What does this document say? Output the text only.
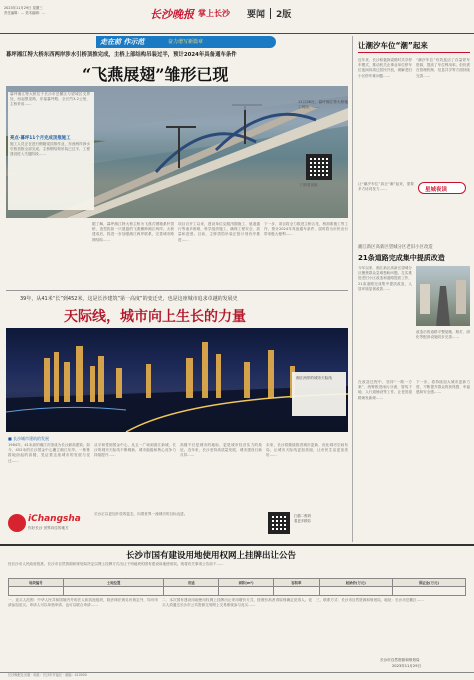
2023年11月29日 星期三
责任编辑：... 美术编辑：...	长沙晚报 掌上长沙 要闻 2版
走在前 作示范	奋力谱写新篇章
暮坪湘江特大桥东西两岸涉水引桥顶推完成，主桥上部结构吊装过半，预计2024年具备通车条件
“飞燕展翅”雏形已现
暮坪湘江特大桥位于长沙市岳麓区与望城区交界处，西起银星路，东接暮坪路，全长约3.2公里，主桥采用……
亮点·暮坪11个月完成顶推施工
施工人员正在进行钢箱梁顶推作业，东西两岸涉水引桥顶推全部完成，主桥钢结构吊装已过半，工程建设进入关键阶段……
11月28日，暮坪湘江特大桥施工现场，……
扫码看视频
据了解，暮坪湘江特大桥主桥为飞燕式钢箱系杆拱桥，造型犹如一只展翅的飞燕横跨湘江两岸。大桥建成后，将进一步加强湘江两岸联系，完善城市路网结构……
项目自开工以来，建设单位克服汛期施工、航道通行等诸多困难，科学组织施工，确保工程安全、质量和进度。目前，主桥拱肋吊装正按计划有序推进……
下一步，项目将全力推进主桥合龙、桥面系施工等工作，预计2024年具备通车条件，届时将为市民出行带来极大便利……
39年，从41米“长”到452米，这是长沙建筑“第一高度”的变迁史，也是这座城市追求卓越的发展史
天际线，城市向上生长的力量
湘江两岸的城市天际线
■ 长沙城市建筑的发展
1984年，41米高的湘江宾馆成为长沙最高建筑；如今，452米的长沙国金中心矗立湘江东岸。一栋栋拔地而起的高楼，见证着这座城市的发展与变迁……
从平和堂到国金中心，从五一广场到滨江新城，长沙的城市天际线不断刷新，城市能级和核心竞争力持续提升……
高楼不仅是城市的地标，更是城市经济实力的象征。近年来，长沙坚持高质量发展，城市建设日新月异……
未来，长沙将继续推进城市更新，优化城市空间布局，让城市天际线更加美丽，让市民生活更加美好……
iChangsha
你好长沙 世界向往的地方
长沙正以更加开放的姿态，向着世界一流城市的目标迈进。	扫描二维码
看更多精彩
让潮汐车位“潮”起来
近年来，长沙积极探索错时共享停车模式，推动机关企事业单位停车位夜间向周边居民开放，缓解老旧小区停车难问题……
“潮汐车位”有效盘活了存量停车资源，提高了车位利用率。但仍需在管理机制、信息共享等方面持续完善……
星城夜读
让“潮汐车位”真正“潮”起来，需要多方协同发力……
湘江新区高新区望城分区老旧小区改造
21条道路完成集中提质改造
今年以来，湘江新区高新区望城分区聚焦群众急难愁盼问题，扎实推进老旧小区改造和道路提质工作，21条道路完成集中提质改造，人居环境显著改善……
改造后的道路平整宽敞，路灯、绿化等配套设施同步完善……
在改造过程中，坚持“一路一方案”，统筹推进雨污分流、管线下地、人行道铺设等工作，让老旧道路焕发新颜……
下一步，将持续加大城市更新力度，不断提升群众的获得感、幸福感和安全感……
长沙市国有建设用地使用权网上挂牌出让公告
经长沙市人民政府批准，长沙市自然资源和规划局决定以网上挂牌方式出让下列地块的国有建设用地使用权。现将有关事项公告如下……
地块编号	土地位置	用途	面积(m²)	容积率	起始价(万元)	保证金(万元)

一、竞买人范围：中华人民共和国境内外的法人和其他组织，除法律法规另有规定外，均可申请参加竞买。申请人可以单独申请，也可以联合申请……
二、本次国有建设用地使用权网上挂牌出让采用增价方式，按照价高者得原则确定竞得人。竞买人须通过长沙市公共资源交易网上交易系统参与竞买……
三、联系方式：长沙市自然资源和规划局，地址：长沙市岳麓区……
长沙市自然资源和规划局
2023年11月29日
长沙晚报社出版 · 地址：长沙市开福区 · 邮编：410000
